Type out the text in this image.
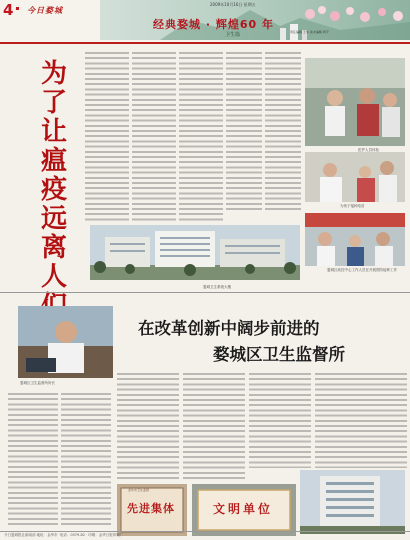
4 今日婺城
2009年10月16日 星期五
经典婺城 · 辉煌60 年
卫生篇	责任编辑 王华 美术编辑 周平
为
了
让
瘟
疫
远
离
人	婺城卫生系统大楼
医护人员体检
为孩子接种疫苗
婺城区疾控中心工作人员在开展预防接种工作
婺城区卫生监督所所长
在改革创新中阔步前进的
婺城区卫生监督所
金华市卫生监督
先进集体	文明单位
今日婺城报社新闻部 地址：金华市 ·电话：0579-82 · 印刷：金华日报印刷厂
